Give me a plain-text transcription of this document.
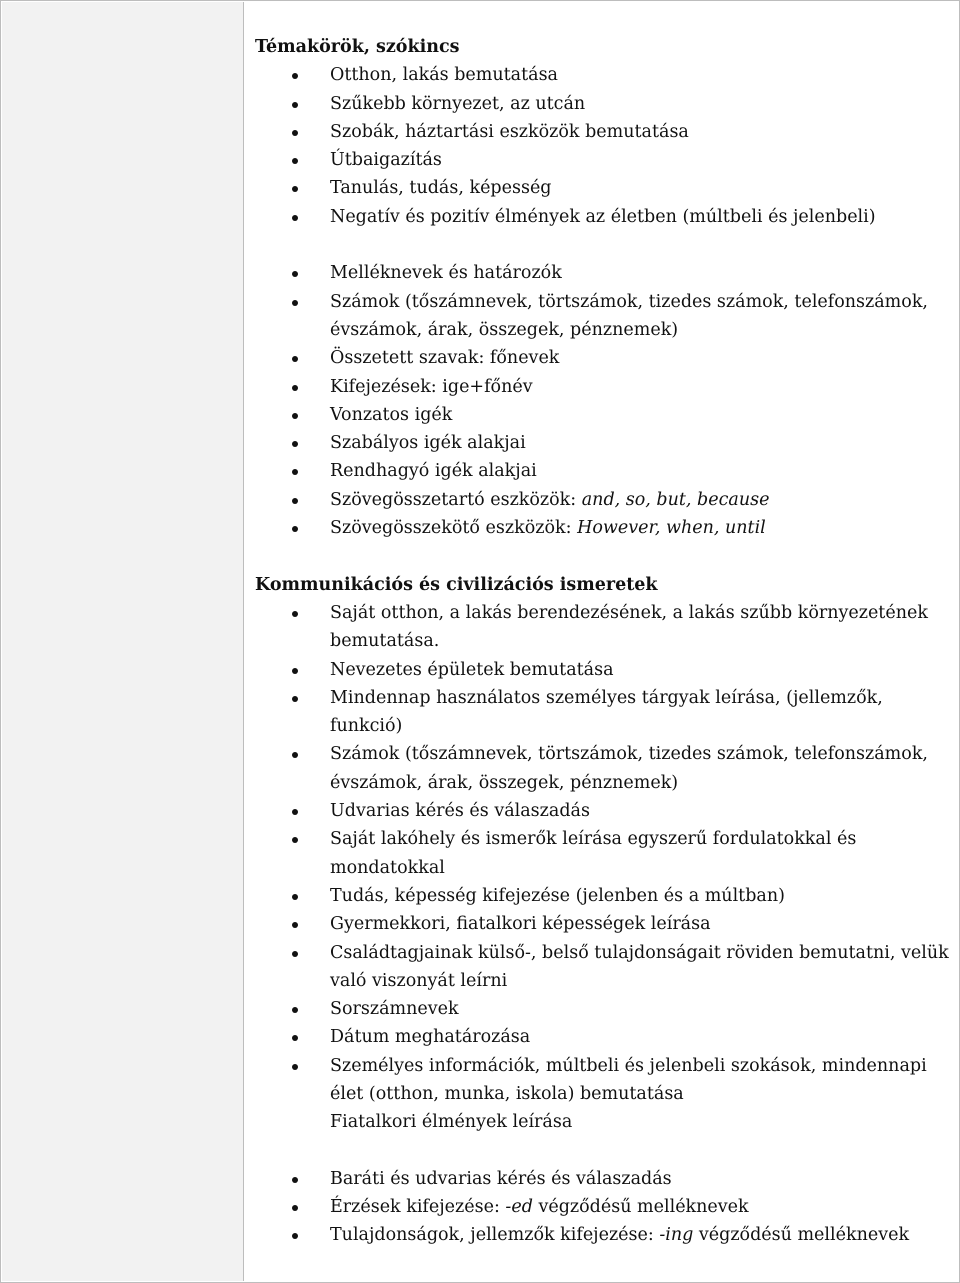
Témakörök, szókincs
Otthon, lakás bemutatása
Szűkebb környezet, az utcán
Szobák, háztartási eszközök bemutatása
Útbaigazítás
Tanulás, tudás, képesség
Negatív és pozitív élmények az életben (múltbeli és jelenbeli)
Melléknevek és határozók
Számok (tőszámnevek, törtszámok, tizedes számok, telefonszámok, évszámok, árak, összegek, pénznemek)
Összetett szavak: főnevek
Kifejezések: ige+főnév
Vonzatos igék
Szabályos igék alakjai
Rendhagyó igék alakjai
Szövegösszetartó eszközök: and, so, but, because
Szövegösszekötő eszközök: However, when, until
Kommunikációs és civilizációs ismeretek
Saját otthon, a lakás berendezésének, a lakás szűbb környezetének bemutatása.
Nevezetes épületek bemutatása
Mindennap használatos személyes tárgyak leírása, (jellemzők, funkció)
Számok (tőszámnevek, törtszámok, tizedes számok, telefonszámok, évszámok, árak, összegek, pénznemek)
Udvarias kérés és válaszadás
Saját lakóhely és ismerők leírása egyszerű fordulatokkal és mondatokkal
Tudás, képesség kifejezése (jelenben és a múltban)
Gyermekkori, fiatalkori képességek leírása
Családtagjainak külső-, belső tulajdonságait röviden bemutatni, velük való viszonyát leírni
Sorszámnevek
Dátum meghatározása
Személyes információk, múltbeli és jelenbeli szokások, mindennapi élet (otthon, munka, iskola) bemutatása
Fiatalkori élmények leírása
Baráti és udvarias kérés és válaszadás
Érzések kifejezése: -ed végződésű melléknevek
Tulajdonságok, jellemzők kifejezése: -ing végződésű melléknevek
